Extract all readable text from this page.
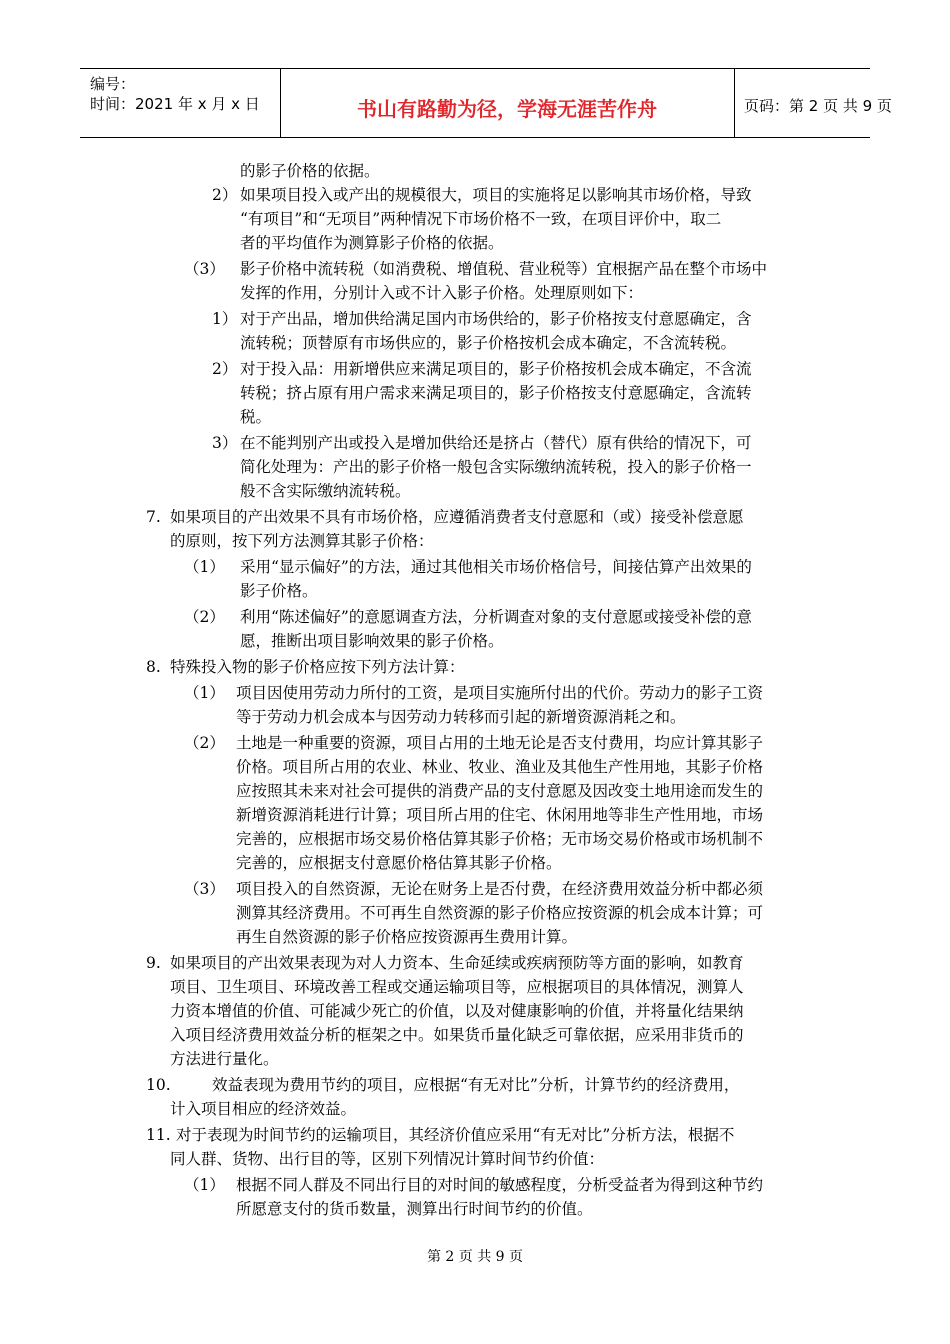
编号：
时间：2021 年 x 月 x 日	书山有路勤为径，学海无涯苦作舟	页码：第 2 页 共 9 页
的影子价格的依据。
2） 如果项目投入或产出的规模很大，项目的实施将足以影响其市场价格，导致
“有项目”和“无项目”两种情况下市场价格不一致，在项目评价中，取二
者的平均值作为测算影子价格的依据。
（3） 影子价格中流转税（如消费税、增值税、营业税等）宜根据产品在整个市场中
发挥的作用，分别计入或不计入影子价格。处理原则如下：
1） 对于产出品，增加供给满足国内市场供给的，影子价格按支付意愿确定，含
流转税；顶替原有市场供应的，影子价格按机会成本确定，不含流转税。
2） 对于投入品：用新增供应来满足项目的，影子价格按机会成本确定，不含流
转税；挤占原有用户需求来满足项目的，影子价格按支付意愿确定，含流转
税。
3） 在不能判别产出或投入是增加供给还是挤占（替代）原有供给的情况下，可
简化处理为：产出的影子价格一般包含实际缴纳流转税，投入的影子价格一
般不含实际缴纳流转税。
7. 如果项目的产出效果不具有市场价格，应遵循消费者支付意愿和（或）接受补偿意愿
的原则，按下列方法测算其影子价格：
（1） 采用“显示偏好”的方法，通过其他相关市场价格信号，间接估算产出效果的
影子价格。
（2） 利用“陈述偏好”的意愿调查方法，分析调查对象的支付意愿或接受补偿的意
愿，推断出项目影响效果的影子价格。
8. 特殊投入物的影子价格应按下列方法计算：
（1） 项目因使用劳动力所付的工资，是项目实施所付出的代价。劳动力的影子工资
等于劳动力机会成本与因劳动力转移而引起的新增资源消耗之和。
（2） 土地是一种重要的资源，项目占用的土地无论是否支付费用，均应计算其影子
价格。项目所占用的农业、林业、牧业、渔业及其他生产性用地，其影子价格
应按照其未来对社会可提供的消费产品的支付意愿及因改变土地用途而发生的
新增资源消耗进行计算；项目所占用的住宅、休闲用地等非生产性用地，市场
完善的，应根据市场交易价格估算其影子价格；无市场交易价格或市场机制不
完善的，应根据支付意愿价格估算其影子价格。
（3） 项目投入的自然资源，无论在财务上是否付费，在经济费用效益分析中都必须
测算其经济费用。不可再生自然资源的影子价格应按资源的机会成本计算；可
再生自然资源的影子价格应按资源再生费用计算。
9. 如果项目的产出效果表现为对人力资本、生命延续或疾病预防等方面的影响，如教育
项目、卫生项目、环境改善工程或交通运输项目等，应根据项目的具体情况，测算人
力资本增值的价值、可能减少死亡的价值，以及对健康影响的价值，并将量化结果纳
入项目经济费用效益分析的框架之中。如果货币量化缺乏可靠依据，应采用非货币的
方法进行量化。
10.	效益表现为费用节约的项目，应根据“有无对比”分析，计算节约的经济费用，
计入项目相应的经济效益。
11. 对于表现为时间节约的运输项目，其经济价值应采用“有无对比”分析方法，根据不
同人群、货物、出行目的等，区别下列情况计算时间节约价值：
（1） 根据不同人群及不同出行目的对时间的敏感程度，分析受益者为得到这种节约
所愿意支付的货币数量，测算出行时间节约的价值。
第 2 页 共 9 页
